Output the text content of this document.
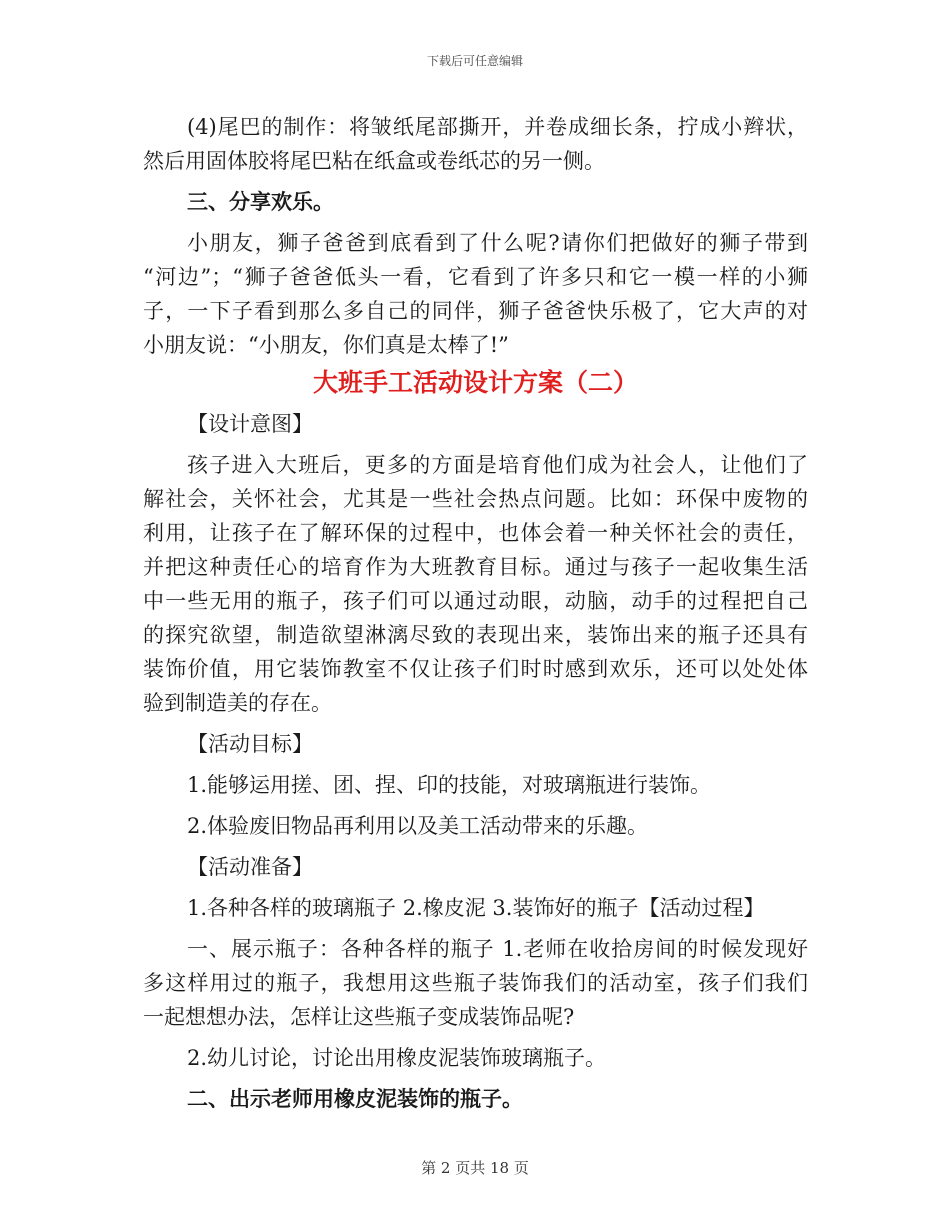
下载后可任意编辑
(4)尾巴的制作：将皱纸尾部撕开，并卷成细长条，拧成小辫状，
然后用固体胶将尾巴粘在纸盒或卷纸芯的另一侧。
三、分享欢乐。
小朋友，狮子爸爸到底看到了什么呢?请你们把做好的狮子带到
“河边”；“狮子爸爸低头一看，它看到了许多只和它一模一样的小狮
子，一下子看到那么多自己的同伴，狮子爸爸快乐极了，它大声的对
小朋友说：“小朋友，你们真是太棒了!”
大班手工活动设计方案（二）
【设计意图】
孩子进入大班后，更多的方面是培育他们成为社会人，让他们了
解社会，关怀社会，尤其是一些社会热点问题。比如：环保中废物的
利用，让孩子在了解环保的过程中，也体会着一种关怀社会的责任，
并把这种责任心的培育作为大班教育目标。通过与孩子一起收集生活
中一些无用的瓶子，孩子们可以通过动眼，动脑，动手的过程把自己
的探究欲望，制造欲望淋漓尽致的表现出来，装饰出来的瓶子还具有
装饰价值，用它装饰教室不仅让孩子们时时感到欢乐，还可以处处体
验到制造美的存在。
【活动目标】
1.能够运用搓、团、捏、印的技能，对玻璃瓶进行装饰。
2.体验废旧物品再利用以及美工活动带来的乐趣。
【活动准备】
1.各种各样的玻璃瓶子 2.橡皮泥 3.装饰好的瓶子【活动过程】
一、展示瓶子：各种各样的瓶子 1.老师在收拾房间的时候发现好
多这样用过的瓶子，我想用这些瓶子装饰我们的活动室，孩子们我们
一起想想办法，怎样让这些瓶子变成装饰品呢?
2.幼儿讨论，讨论出用橡皮泥装饰玻璃瓶子。
二、出示老师用橡皮泥装饰的瓶子。
第 2 页共 18 页
